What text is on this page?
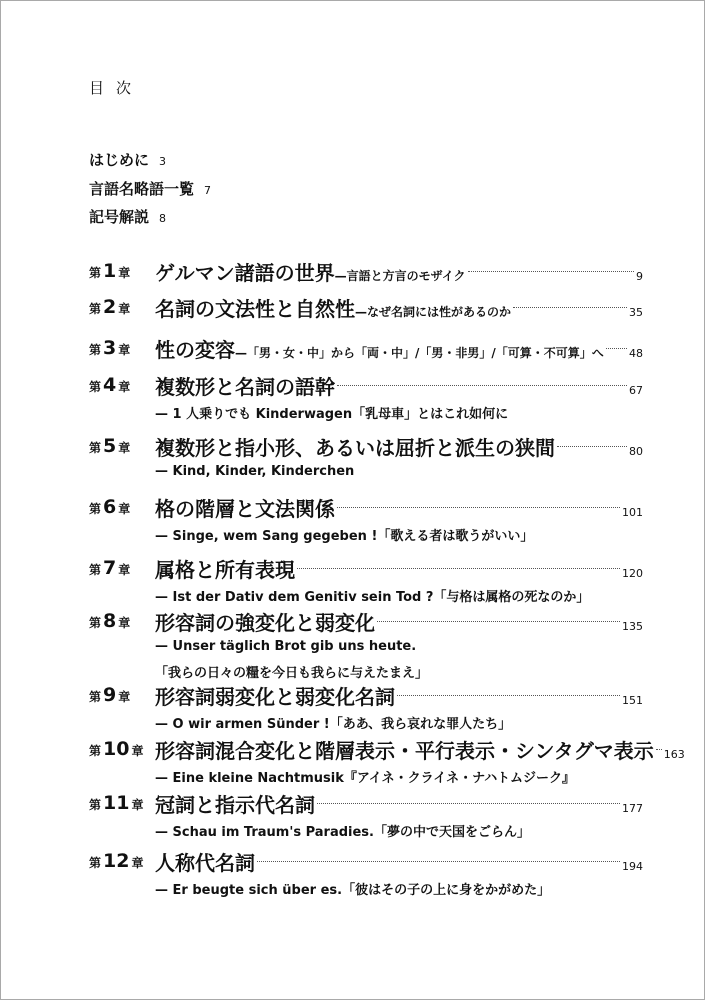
目次
はじめに 3
言語名略語一覧 7
記号解説 8
第 1 章 ゲルマン諸語の世界 —言語と方言のモザイク	9
第 2 章 名詞の文法性と自然性 —なぜ名詞には性があるのか	35
第 3 章 性の変容 —「男・女・中」から「両・中」/「男・非男」/「可算・不可算」へ 48
第 4 章 複数形と名詞の語幹	67
— 1 人乗りでも Kinderwagen「乳母車」とはこれ如何に
第 5 章 複数形と指小形、あるいは屈折と派生の狭間	80
— Kind, Kinder, Kinderchen
第 6 章 格の階層と文法関係	101
— Singe, wem Sang gegeben !「歌える者は歌うがいい」
第 7 章 属格と所有表現	120
— Ist der Dativ dem Genitiv sein Tod ?「与格は属格の死なのか」
第 8 章 形容詞の強変化と弱変化	135
— Unser täglich Brot gib uns heute.
「我らの日々の糧を今日も我らに与えたまえ」
第 9 章 形容詞弱変化と弱変化名詞	151
— O wir armen Sünder !「ああ、我ら哀れな罪人たち」
第 10 章 形容詞混合変化と階層表示・平行表示・シンタグマ表示 163
— Eine kleine Nachtmusik『アイネ・クライネ・ナハトムジーク』
第 11 章 冠詞と指示代名詞	177
— Schau im Traum's Paradies.「夢の中で天国をごらん」
第 12 章 人称代名詞	194
— Er beugte sich über es.「彼はその子の上に身をかがめた」
